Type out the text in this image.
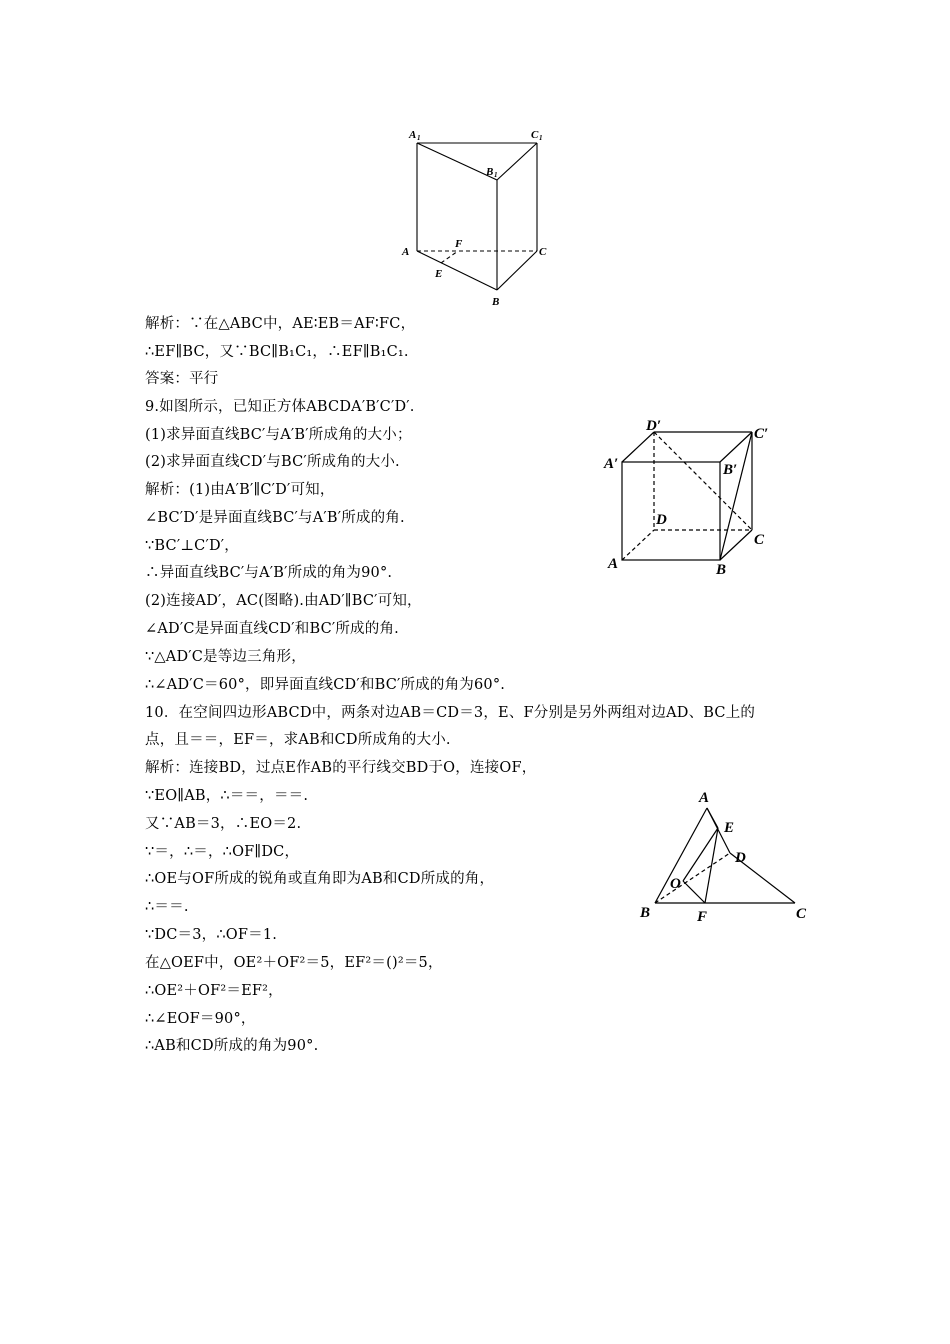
A 1	C 1
B 1
A
B
C
E
F
D′	C′
A′	B′
D
C
A	B
A
E
D
O
B	F	C
解析：∵在△ABC中，AE∶EB＝AF∶FC，
∴EF∥BC，又∵BC∥B₁C₁，∴EF∥B₁C₁.
答案：平行
9.如图所示，已知正方体ABCDA′B′C′D′.
(1)求异面直线BC′与A′B′所成角的大小；
(2)求异面直线CD′与BC′所成角的大小.
解析：(1)由A′B′∥C′D′可知，
∠BC′D′是异面直线BC′与A′B′所成的角.
∵BC′⊥C′D′，
∴异面直线BC′与A′B′所成的角为90°.
(2)连接AD′，AC(图略).由AD′∥BC′可知，
∠AD′C是异面直线CD′和BC′所成的角.
∵△AD′C是等边三角形，
∴∠AD′C＝60°，即异面直线CD′和BC′所成的角为60°.
10．在空间四边形ABCD中，两条对边AB＝CD＝3，E、F分别是另外两组对边AD、BC上的
点，且＝＝，EF＝，求AB和CD所成角的大小.
解析：连接BD，过点E作AB的平行线交BD于O，连接OF，
∵EO∥AB，∴＝＝，＝＝.
又∵AB＝3，∴EO＝2.
∵＝，∴＝，∴OF∥DC，
∴OE与OF所成的锐角或直角即为AB和CD所成的角，
∴＝＝.
∵DC＝3，∴OF＝1.
在△OEF中，OE²＋OF²＝5，EF²＝()²＝5，
∴OE²＋OF²＝EF²，
∴∠EOF＝90°，
∴AB和CD所成的角为90°.
